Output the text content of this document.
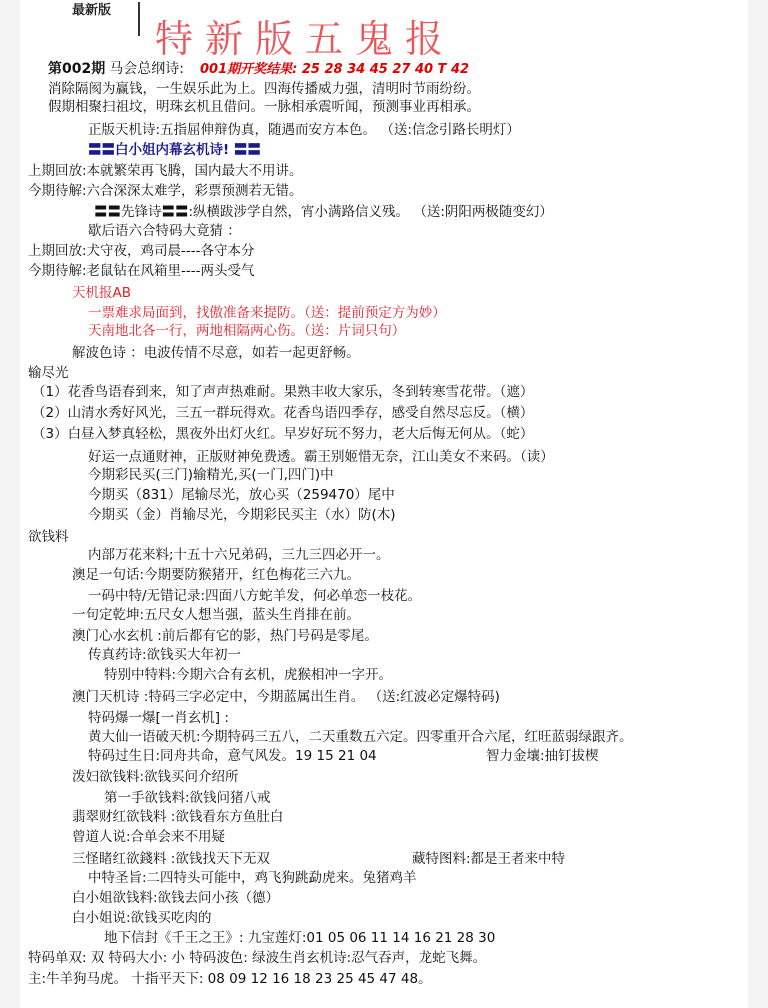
最新版
特新版五鬼报
第002期 马会总纲诗: 001期开奖结果: 25 28 34 45 27 40 T 42
消除隔阂为赢钱，一生娱乐此为上。四海传播威力强，清明时节雨纷纷。
假期相聚扫祖坟，明珠玄机且借问。一脉相承震听闻，预测事业再相承。
正版天机诗:五指屈伸辩伪真，随遇而安方本色。 （送:信念引路长明灯）
〓〓白小姐内幕玄机诗! 〓〓
上期回放:本就繁荣再飞腾，国内最大不用讲。
今期待解:六合深深太难学，彩票预测若无错。
〓〓先锋诗〓〓:纵横跋涉学自然，宵小满路信义残。 （送:阴阳两极随变幻）
歇后语六合特码大竟猜 ：
上期回放:犬守夜，鸡司晨----各守本分
今期待解:老鼠钻在风箱里----两头受气
天机报AB
一票难求局面到，找傲准备来提防。（送：提前预定方为妙）
天南地北各一行，两地相隔两心伤。（送：片词只句）
解波色诗 ：电波传情不尽意，如若一起更舒畅。
输尽光
（1）花香鸟语春到来，知了声声热难耐。果熟丰收大家乐，冬到转寒雪花带。（遮）
（2）山清水秀好风光，三五一群玩得欢。花香鸟语四季存，感受自然尽忘反。（横）
（3）白昼入梦真轻松，黑夜外出灯火红。早岁好玩不努力，老大后悔无何从。（蛇）
好运一点通财神，正版财神免费透。霸王别姬惜无奈，江山美女不来码。（读）
今期彩民买(三门)输精光,买(一门,四门)中
今期买（831）尾输尽光，放心买（259470）尾中
今期买（金）肖输尽光，今期彩民买主（水）防(木)
欲钱料
内部万花来料;十五十六兄弟码，三九三四必开一。
澳足一句话:今期要防猴猪开，红色梅花三六九。
一码中特/无错记录:四面八方蛇羊发，何必单恋一枝花。
一句定乾坤:五尺女人想当强，蓝头生肖排在前。
澳门心水玄机 :前后都有它的影，热门号码是零尾。
传真药诗:欲钱买大年初一
特别中特料:今期六合有玄机，虎猴相冲一字开。
澳门天机诗 :特码三字必定中，今期蓝属出生肖。 （送:红波必定爆特码)
特码爆一爆[一肖玄机] :
黄大仙一语破天机:今期特码三五八，二天重数五六定。四零重开合六尾，红旺蓝弱绿跟齐。
特码过生日:同舟共命，意气风发。19 15 21 04	智力金壤:抽钉拔楔
泼妇欲钱料:欲钱买问介绍所
第一手欲钱料:欲钱问猪八戒
翡翠财红欲钱料 :欲钱看东方鱼肚白
曾道人说:合单会来不用疑
三怪睹红欲錢料 :欲钱找天下无双	藏特图料:都是王者来中特
中特圣旨:二四特头可能中，鸡飞狗跳勐虎来。兔猪鸡羊
白小姐欲钱料:欲钱去问小孩（德）
白小姐说:欲钱买吃肉的
地下信封《千王之王》: 九宝莲灯:01 05 06 11 14 16 21 28 30
特码单双: 双 特码大小: 小 特码波色: 绿波生肖玄机诗:忍气吞声，龙蛇飞舞。
主:牛羊狗马虎。 十指平天下: 08 09 12 16 18 23 25 45 47 48。
